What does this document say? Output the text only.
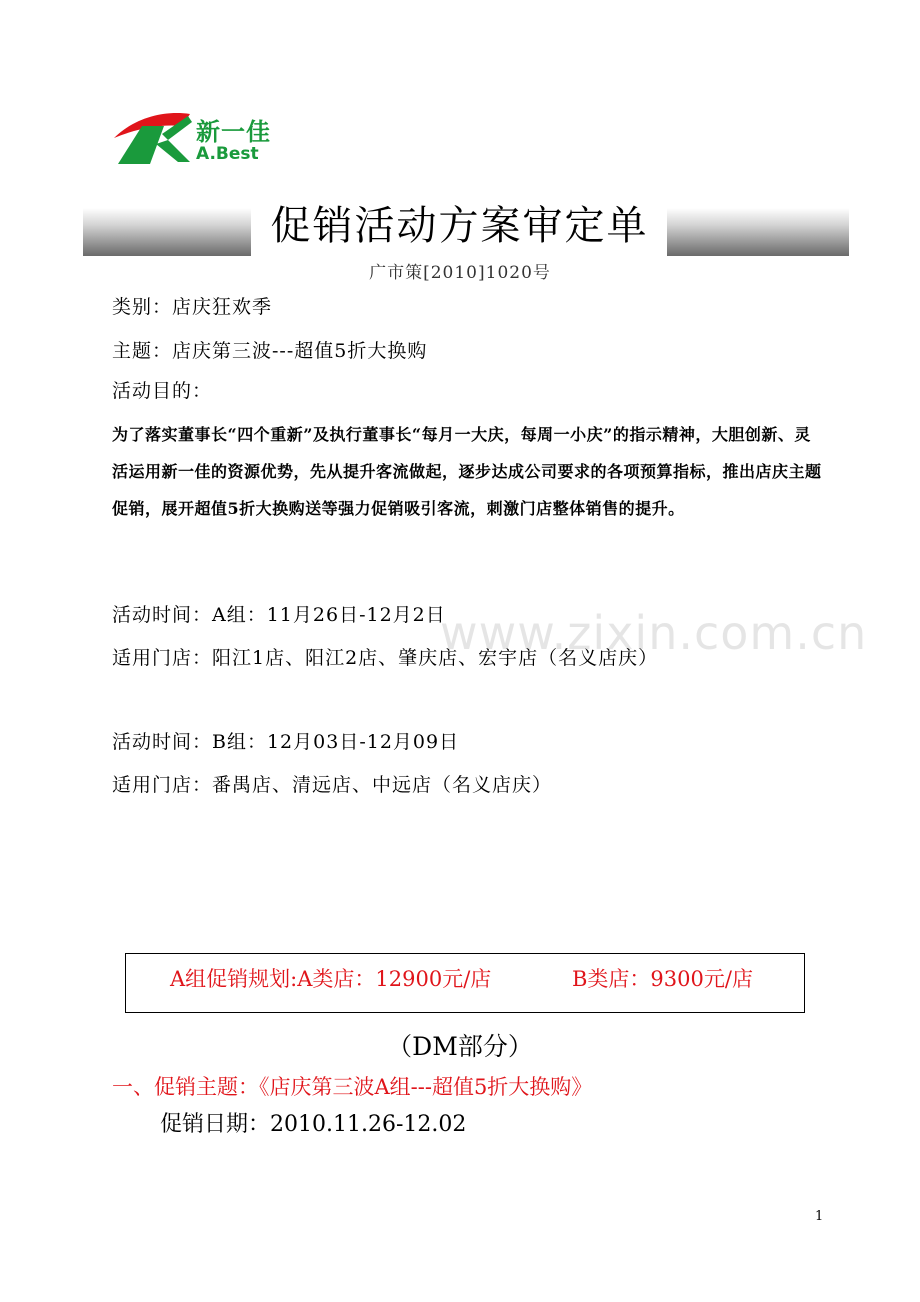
新一佳
A.Best
促销活动方案审定单
广市策[2010]1020号
类别：店庆狂欢季
主题：店庆第三波---超值5折大换购
活动目的：
为了落实董事长“四个重新”及执行董事长“每月一大庆，每周一小庆”的指示精神，大胆创新、灵活运用新一佳的资源优势，先从提升客流做起，逐步达成公司要求的各项预算指标，推出店庆主题促销，展开超值5折大换购送等强力促销吸引客流，刺激门店整体销售的提升。
活动时间：A组：11月26日-12月2日
适用门店：阳江1店、阳江2店、肇庆店、宏宇店（名义店庆）
活动时间：B组：12月03日-12月09日
适用门店：番禺店、清远店、中远店（名义店庆）
www.zixin.com.cn
A组促销规划:A类店：12900元/店	B类店：9300元/店
（DM部分）
一、促销主题：《店庆第三波A组---超值5折大换购》
促销日期：2010.11.26-12.02
1
